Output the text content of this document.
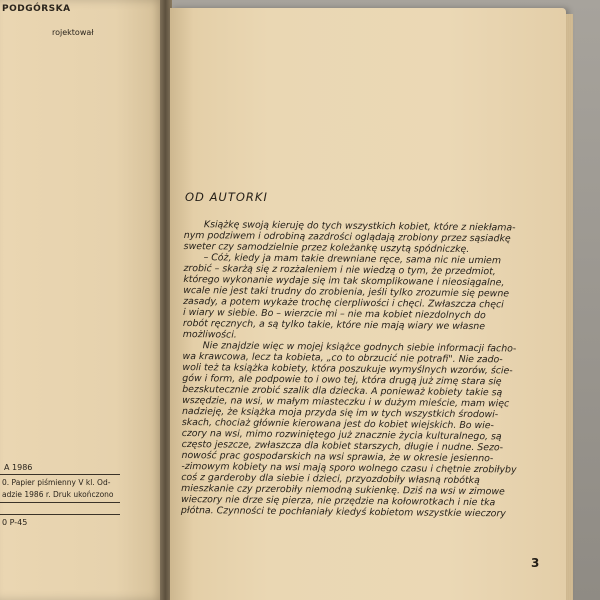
PODGÓRSKA
rojektował
A 1986
0. Papier piśmienny V kl. Od-
adzie 1986 r. Druk ukończono
0 P-45
OD AUTORKI
Książkę swoją kieruję do tych wszystkich kobiet, które z niekłama-
nym podziwem i odrobiną zazdrości oglądają zrobiony przez sąsiadkę
sweter czy samodzielnie przez koleżankę uszytą spódniczkę.
– Cóż, kiedy ja mam takie drewniane ręce, sama nic nie umiem
zrobić – skarżą się z rozżaleniem i nie wiedzą o tym, że przedmiot,
którego wykonanie wydaje się im tak skomplikowane i nieosiągalne,
wcale nie jest taki trudny do zrobienia, jeśli tylko zrozumie się pewne
zasady, a potem wykaże trochę cierpliwości i chęci. Zwłaszcza chęci
i wiary w siebie. Bo – wierzcie mi – nie ma kobiet niezdolnych do
robót ręcznych, a są tylko takie, które nie mają wiary we własne
możliwości.
Nie znajdzie więc w mojej książce godnych siebie informacji facho-
wa krawcowa, lecz ta kobieta, „co to obrzucić nie potrafi". Nie zado-
woli też ta książka kobiety, która poszukuje wymyślnych wzorów, ście-
gów i form, ale podpowie to i owo tej, która drugą już zimę stara się
bezskutecznie zrobić szalik dla dziecka. A ponieważ kobiety takie są
wszędzie, na wsi, w małym miasteczku i w dużym mieście, mam więc
nadzieję, że książka moja przyda się im w tych wszystkich środowi-
skach, chociaż głównie kierowana jest do kobiet wiejskich. Bo wie-
czory na wsi, mimo rozwiniętego już znacznie życia kulturalnego, są
często jeszcze, zwłaszcza dla kobiet starszych, długie i nudne. Sezo-
nowość prac gospodarskich na wsi sprawia, że w okresie jesienno-
-zimowym kobiety na wsi mają sporo wolnego czasu i chętnie zrobiłyby
coś z garderoby dla siebie i dzieci, przyozdobiły własną robótką
mieszkanie czy przerobiły niemodną sukienkę. Dziś na wsi w zimowe
wieczory nie drze się pierza, nie przędzie na kołowrotkach i nie tka
płótna. Czynności te pochłaniały kiedyś kobietom wszystkie wieczory
3
